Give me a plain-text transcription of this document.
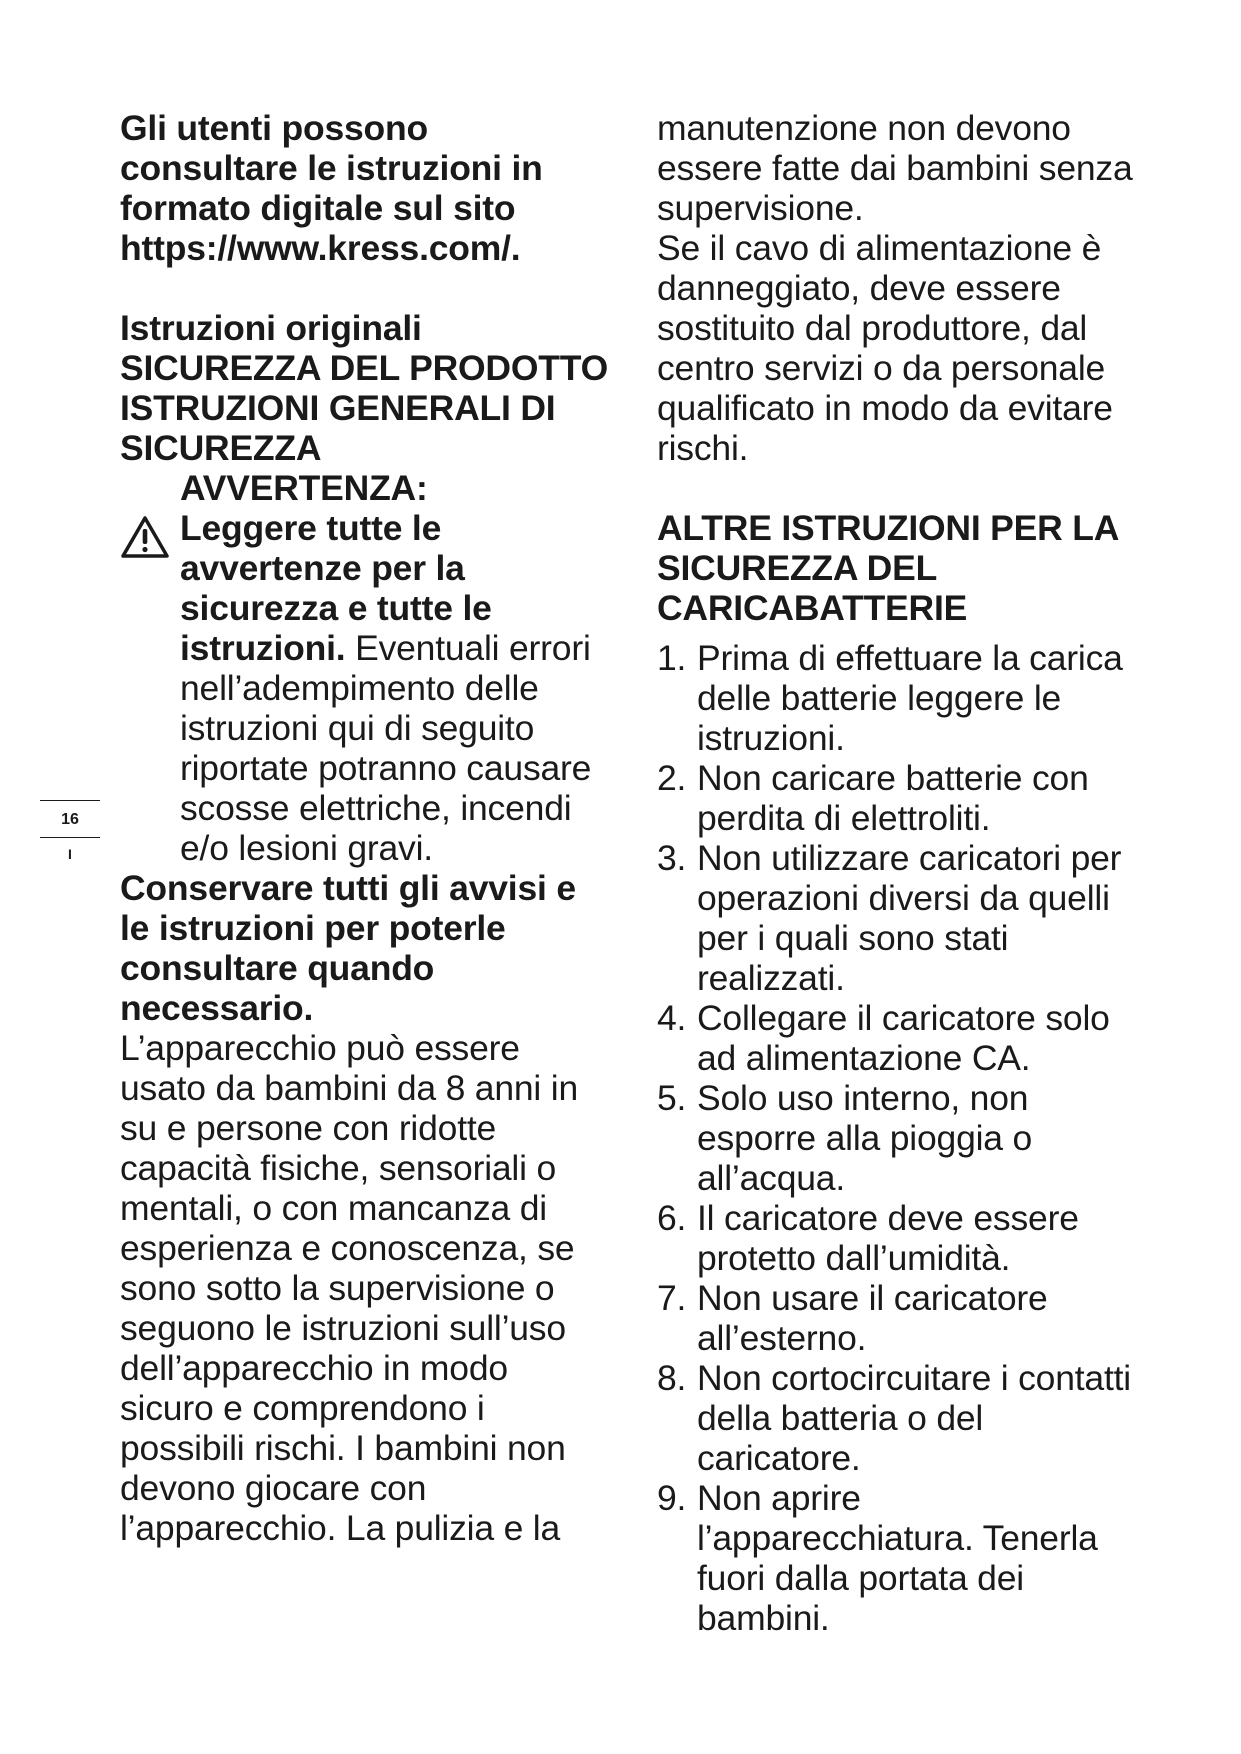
Gli utenti possono consultare le istruzioni in formato digitale sul sito https://www.kress.com/.

Istruzioni originali

SICUREZZA DEL PRODOTTO

ISTRUZIONI GENERALI DI SICUREZZA

AVVERTENZA:

Leggere tutte le avvertenze per la sicurezza e tutte le istruzioni. Eventuali errori nell’adempimento delle istruzioni qui di seguito riportate potranno causare scosse elettriche, incendi e/o lesioni gravi.

Conservare tutti gli avvisi e le istruzioni per poterle consultare quando necessario.

L’apparecchio può essere usato da bambini da 8 anni in su e persone con ridotte capacità fisiche, sensoriali o mentali, o con mancanza di esperienza e conoscenza, se sono sotto la supervisione o seguono le istruzioni sull’uso dell’apparecchio in modo sicuro e comprendono i possibili rischi. I bambini non devono giocare con l’apparecchio. La pulizia e la

manutenzione non devono essere fatte dai bambini senza supervisione.

Se il cavo di alimentazione è danneggiato, deve essere sostituito dal produttore, dal centro servizi o da personale qualificato in modo da evitare rischi.

ALTRE ISTRUZIONI PER LA SICUREZZA DEL CARICABATTERIE

1. Prima di effettuare la carica delle batterie leggere le istruzioni.
2. Non caricare batterie con perdita di elettroliti.
3. Non utilizzare caricatori per operazioni diversi da quelli per i quali sono stati realizzati.
4. Collegare il caricatore solo ad alimentazione CA.
5. Solo uso interno, non esporre alla pioggia o all’acqua.
6. Il caricatore deve essere protetto dall’umidità.
7. Non usare il caricatore all’esterno.
8. Non cortocircuitare i contatti della batteria o del caricatore.
9. Non aprire l’apparecchiatura. Tenerla fuori dalla portata dei bambini.
16
I
